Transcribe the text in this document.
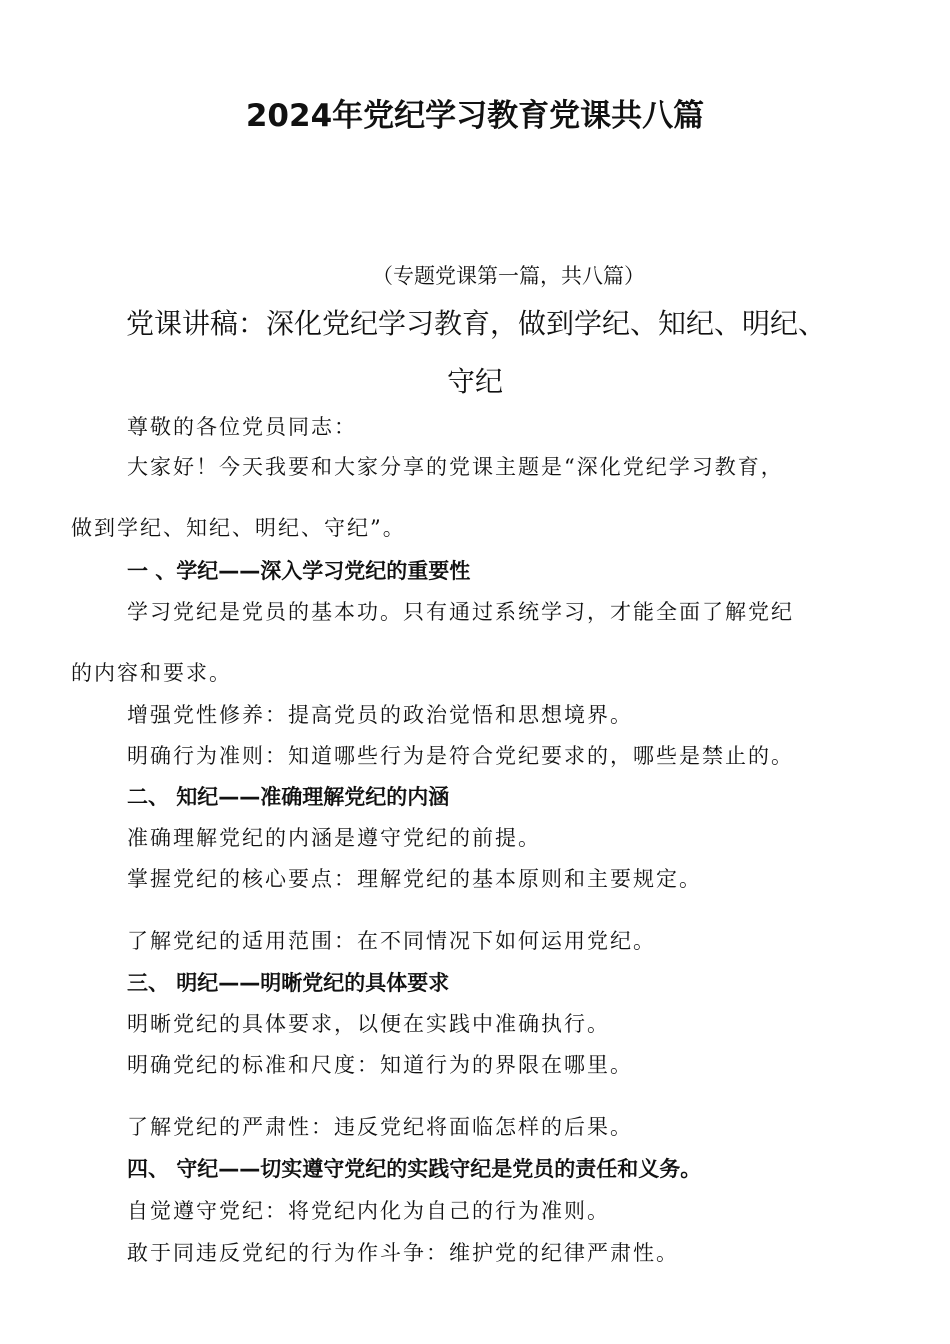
2024年党纪学习教育党课共八篇
（专题党课第一篇，共八篇）
党课讲稿：深化党纪学习教育，做到学纪、知纪、明纪、
守纪
尊敬的各位党员同志：
大家好！今天我要和大家分享的党课主题是“深化党纪学习教育，
做到学纪、知纪、明纪、守纪”。
一 、学纪——深入学习党纪的重要性
学习党纪是党员的基本功。只有通过系统学习，才能全面了解党纪
的内容和要求。
增强党性修养：提高党员的政治觉悟和思想境界。
明确行为准则：知道哪些行为是符合党纪要求的，哪些是禁止的。
二、 知纪——准确理解党纪的内涵
准确理解党纪的内涵是遵守党纪的前提。
掌握党纪的核心要点：理解党纪的基本原则和主要规定。
了解党纪的适用范围：在不同情况下如何运用党纪。
三、 明纪——明晰党纪的具体要求
明晰党纪的具体要求，以便在实践中准确执行。
明确党纪的标准和尺度：知道行为的界限在哪里。
了解党纪的严肃性：违反党纪将面临怎样的后果。
四、 守纪——切实遵守党纪的实践守纪是党员的责任和义务。
自觉遵守党纪：将党纪内化为自己的行为准则。
敢于同违反党纪的行为作斗争：维护党的纪律严肃性。
